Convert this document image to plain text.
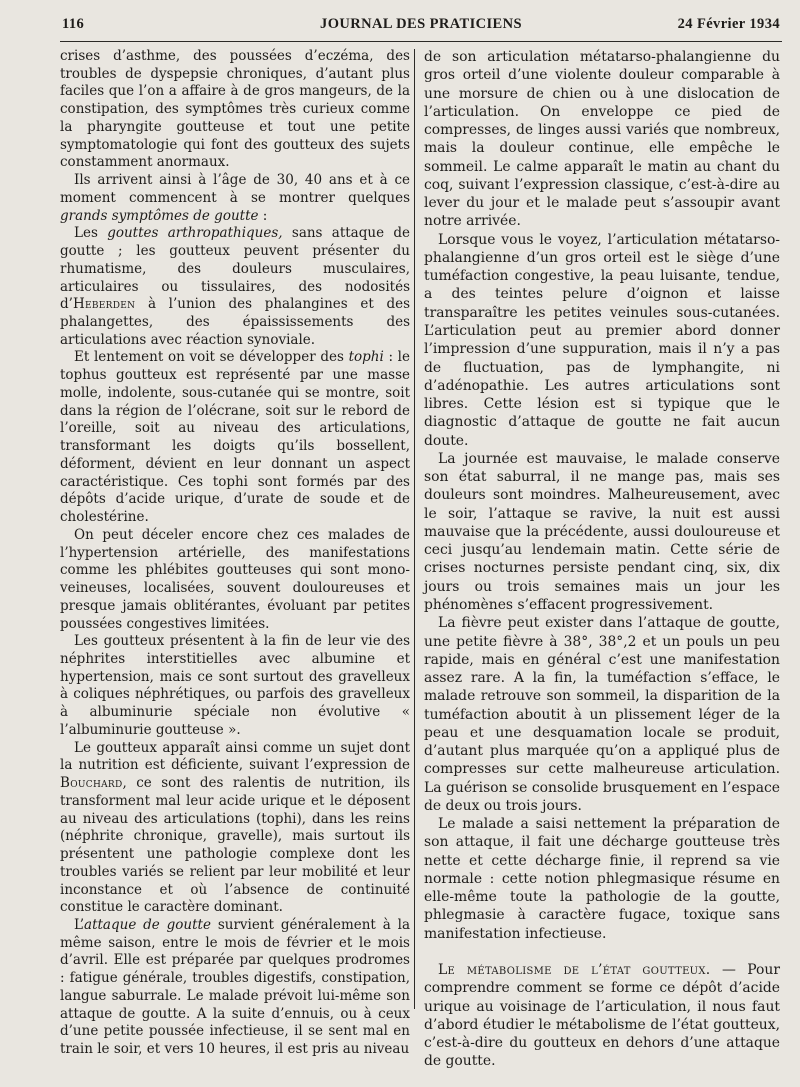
116	JOURNAL DES PRATICIENS	24 Février 1934

crises d’asthme, des poussées d’eczéma, des troubles de dyspepsie chroniques, d’autant plus faciles que l’on a affaire à de gros mangeurs, de la constipation, des symptômes très curieux comme la pharyngite goutteuse et tout une petite symptomatologie qui font des goutteux des sujets constamment anormaux.

Ils arrivent ainsi à l’âge de 30, 40 ans et à ce moment commencent à se montrer quelques grands symptômes de goutte :

Les gouttes arthropathiques, sans attaque de goutte ; les goutteux peuvent présenter du rhumatisme, des douleurs musculaires, articulaires ou tissulaires, des nodosités d’Heberden à l’union des phalangines et des phalangettes, des épaississements des articulations avec réaction synoviale.

Et lentement on voit se développer des tophi : le tophus goutteux est représenté par une masse molle, indolente, sous-cutanée qui se montre, soit dans la région de l’olécrane, soit sur le rebord de l’oreille, soit au niveau des articulations, transformant les doigts qu’ils bossellent, déforment, dévient en leur donnant un aspect caractéristique. Ces tophi sont formés par des dépôts d’acide urique, d’urate de soude et de cholestérine.

On peut déceler encore chez ces malades de l’hypertension artérielle, des manifestations comme les phlébites goutteuses qui sont mono-veineuses, localisées, souvent douloureuses et presque jamais oblitérantes, évoluant par petites poussées congestives limitées.

Les goutteux présentent à la fin de leur vie des néphrites interstitielles avec albumine et hypertension, mais ce sont surtout des gravelleux à coliques néphrétiques, ou parfois des gravelleux à albuminurie spéciale non évolutive « l’albuminurie goutteuse ».

Le goutteux apparaît ainsi comme un sujet dont la nutrition est déficiente, suivant l’expression de Bouchard, ce sont des ralentis de nutrition, ils transforment mal leur acide urique et le déposent au niveau des articulations (tophi), dans les reins (néphrite chronique, gravelle), mais surtout ils présentent une pathologie complexe dont les troubles variés se relient par leur mobilité et leur inconstance et où l’absence de continuité constitue le caractère dominant.

L’attaque de goutte survient généralement à la même saison, entre le mois de février et le mois d’avril. Elle est préparée par quelques prodromes : fatigue générale, troubles digestifs, constipation, langue saburrale. Le malade prévoit lui-même son attaque de goutte. A la suite d’ennuis, ou à ceux d’une petite poussée infectieuse, il se sent mal en train le soir, et vers 10 heures, il est pris au niveau

de son articulation métatarso-phalangienne du gros orteil d’une violente douleur comparable à une morsure de chien ou à une dislocation de l’articulation. On enveloppe ce pied de compresses, de linges aussi variés que nombreux, mais la douleur continue, elle empêche le sommeil. Le calme apparaît le matin au chant du coq, suivant l’expression classique, c’est-à-dire au lever du jour et le malade peut s’assoupir avant notre arrivée.

Lorsque vous le voyez, l’articulation métatarso-phalangienne d’un gros orteil est le siège d’une tuméfaction congestive, la peau luisante, tendue, a des teintes pelure d’oignon et laisse transparaître les petites veinules sous-cutanées. L’articulation peut au premier abord donner l’impression d’une suppuration, mais il n’y a pas de fluctuation, pas de lymphangite, ni d’adénopathie. Les autres articulations sont libres. Cette lésion est si typique que le diagnostic d’attaque de goutte ne fait aucun doute.

La journée est mauvaise, le malade conserve son état saburral, il ne mange pas, mais ses douleurs sont moindres. Malheureusement, avec le soir, l’attaque se ravive, la nuit est aussi mauvaise que la précédente, aussi douloureuse et ceci jusqu’au lendemain matin. Cette série de crises nocturnes persiste pendant cinq, six, dix jours ou trois semaines mais un jour les phénomènes s’effacent progressivement.

La fièvre peut exister dans l’attaque de goutte, une petite fièvre à 38°, 38°,2 et un pouls un peu rapide, mais en général c’est une manifestation assez rare. A la fin, la tuméfaction s’efface, le malade retrouve son sommeil, la disparition de la tuméfaction aboutit à un plissement léger de la peau et une desquamation locale se produit, d’autant plus marquée qu’on a appliqué plus de compresses sur cette malheureuse articulation. La guérison se consolide brusquement en l’espace de deux ou trois jours.

Le malade a saisi nettement la préparation de son attaque, il fait une décharge goutteuse très nette et cette décharge finie, il reprend sa vie normale : cette notion phlegmasique résume en elle-même toute la pathologie de la goutte, phlegmasie à caractère fugace, toxique sans manifestation infectieuse.

Le métabolisme de l’état goutteux. — Pour comprendre comment se forme ce dépôt d’acide urique au voisinage de l’articulation, il nous faut d’abord étudier le métabolisme de l’état goutteux, c’est-à-dire du goutteux en dehors d’une attaque de goutte.
